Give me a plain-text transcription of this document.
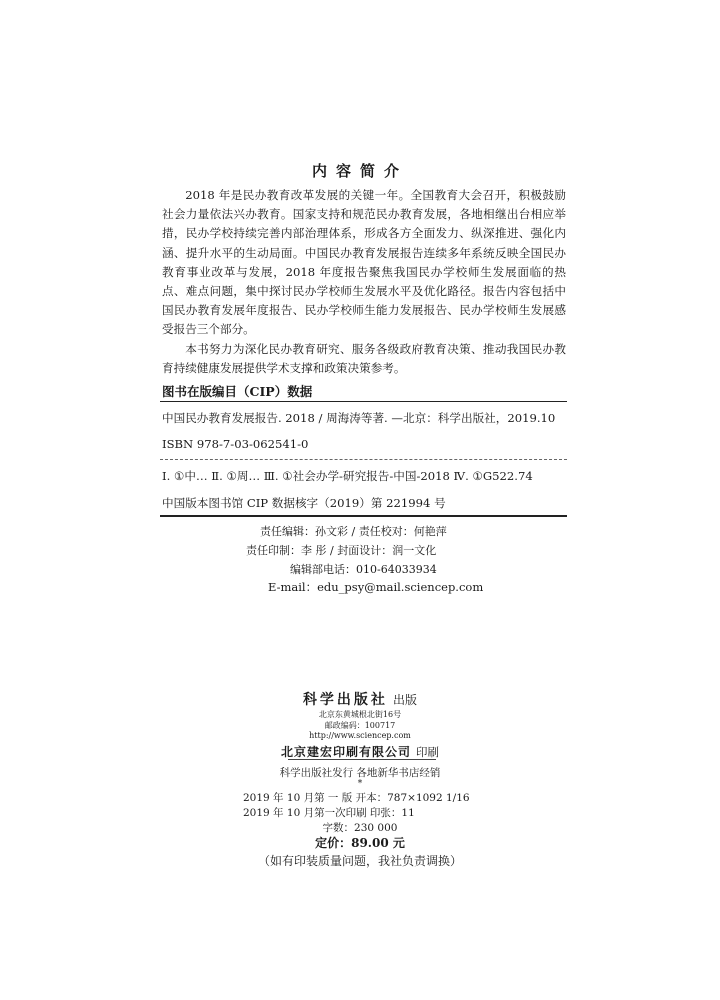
内容简介

2018 年是民办教育改革发展的关键一年。全国教育大会召开，积极鼓励社会力量依法兴办教育。国家支持和规范民办教育发展，各地相继出台相应举措，民办学校持续完善内部治理体系，形成各方全面发力、纵深推进、强化内涵、提升水平的生动局面。中国民办教育发展报告连续多年系统反映全国民办教育事业改革与发展，2018 年度报告聚焦我国民办学校师生发展面临的热点、难点问题，集中探讨民办学校师生发展水平及优化路径。报告内容包括中国民办教育发展年度报告、民办学校师生能力发展报告、民办学校师生发展感受报告三个部分。

本书努力为深化民办教育研究、服务各级政府教育决策、推动我国民办教育持续健康发展提供学术支撑和政策决策参考。

图书在版编目（CIP）数据
中国民办教育发展报告. 2018 / 周海涛等著. —北京：科学出版社，2019.10
ISBN 978-7-03-062541-0
Ⅰ. ①中… Ⅱ. ①周… Ⅲ. ①社会办学-研究报告-中国-2018 Ⅳ. ①G522.74
中国版本图书馆 CIP 数据核字（2019）第 221994 号
责任编辑：孙文彩 / 责任校对：何艳萍
责任印制：李 彤 / 封面设计：润一文化
编辑部电话：010-64033934
E-mail：edu_psy@mail.sciencep.com
科学出版社 出版
北京东黄城根北街16号
邮政编码：100717
http://www.sciencep.com
北京建宏印刷有限公司 印刷
科学出版社发行 各地新华书店经销
*
2019 年 10 月第 一 版 开本：787×1092 1/16
2019 年 10 月第一次印刷 印张：11
字数：230 000
定价：89.00 元
（如有印装质量问题，我社负责调换）
